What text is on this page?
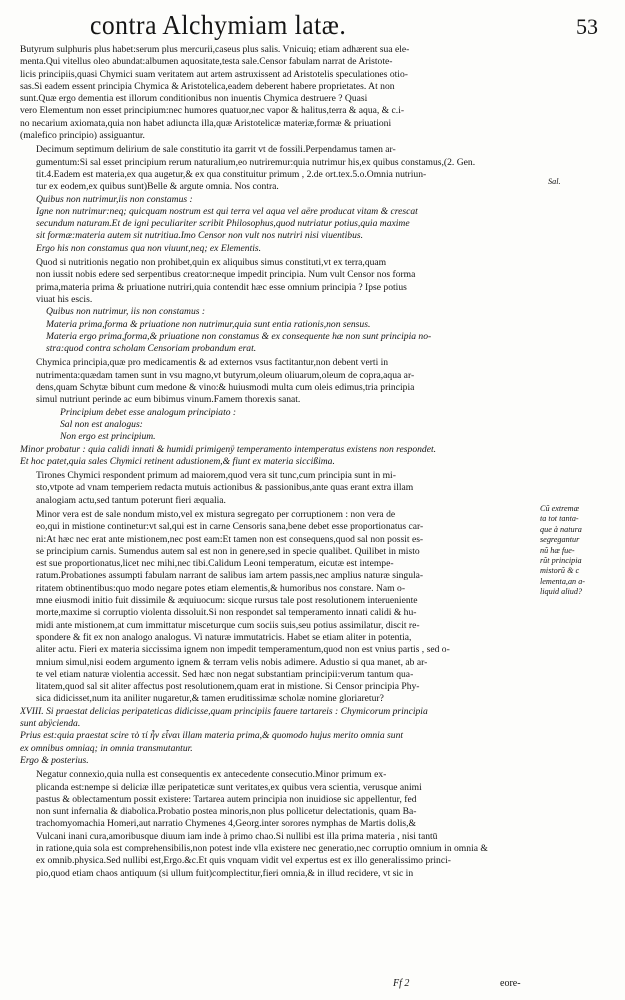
contra Alchymiam latæ.	53

Butyrum sulphuris plus habet:serum plus mercurii,caseus plus salis. Vnicuiq; etiam adhærent sua ele-
menta.Qui vitellus oleo abundat:albumen aquositate,testa sale.Censor fabulam narrat de Aristote-
licis principiis,quasi Chymici suam veritatem aut artem astruxissent ad Aristotelis speculationes otio-
sas.Si eadem essent principia Chymica & Aristotelica,eadem deberent habere proprietates. At non
sunt.Quæ ergo dementia est illorum conditionibus non inuentis Chymica destruere ? Quasi
vero Elementum non esset principium:nec humores quatuor,nec vapor & halitus,terra & aqua, & c.i-
no necarium axiomata,quia non habet adiuncta illa,quæ Aristotelicæ materiæ,formæ & priuationi
(malefico principio) assiguantur.

Decimum septimum delirium de sale constitutio ita garrit vt de fossili.Perpendamus tamen ar-
gumentum:Si sal esset principium rerum naturalium,eo nutriremur:quia nutrimur his,ex quibus constamus,(2. Gen.
tit.4.Eadem est materia,ex qua augetur,& ex qua constituitur primum , 2.de ort.tex.5.o.Omnia nutriun-
tur ex eodem,ex quibus sunt)Belle & argute omnia. Nos contra.

Quibus non nutrimur,iis non constamus :
Igne non nutrimur:neq; quicquam nostrum est qui terra vel aqua vel aëre producat vitam & crescat
secundum naturam.Et de igni peculiariter scribit Philosophus,quod nutriatur potius,quia maxime
sit formæ:materia autem sit nutritiua.Imo Censor non vult nos nutriri nisi viuentibus.
Ergo his non constamus qua non viuunt,neq; ex Elementis.

Quod si nutritionis negatio non prohibet,quin ex aliquibus simus constituti,vt ex terra,quam
non iussit nobis edere sed serpentibus creator:neque impedit principia. Num vult Censor nos forma
prima,materia prima & priuatione nutriri,quia contendit hæc esse omnium principia ? Ipse potius
viuat his escis.

Quibus non nutrimur, iis non constamus :
Materia prima,forma & priuatione non nutrimur,quia sunt entia rationis,non sensus.
Materia ergo prima,forma,& priuatione non constamus & ex consequente hæ non sunt principia no-
stra:quod contra scholam Censoriam probandum erat.

Chymica principia,quæ pro medicamentis & ad externos vsus factitantur,non debent verti in
nutrimenta:quædam tamen sunt in vsu magno,vt butyrum,oleum oliuarum,oleum de copra,aqua ar-
dens,quam Schytæ bibunt cum medone & vino:& huiusmodi multa cum oleis edimus,tria principia
simul nutriunt perinde ac eum bibimus vinum.Famem thorexis sanat.

Principium debet esse analogum principiato :
Sal non est analogus:
Non ergo est principium.

Minor probatur : quia calidi innati & humidi primigenÿ temperamento intemperatus existens non respondet.
Et hoc patet,quia sales Chymici retinent adustionem,& fiunt ex materia siccißima.

Tirones Chymici respondent primum ad maiorem,quod vera sit tunc,cum principia sunt in mi-
sto,vtpote ad vnam temperiem redacta mutuis actionibus & passionibus,ante quas erant extra illam
analogiam actu,sed tantum poterunt fieri æqualia.

Minor vera est de sale nondum misto,vel ex mistura segregato per corruptionem : non vera de
eo,qui in mistione continetur:vt sal,qui est in carne Censoris sana,bene debet esse proportionatus car-
ni:At hæc nec erat ante mistionem,nec post eam:Et tamen non est consequens,quod sal non possit es-
se principium carnis. Sumendus autem sal est non in genere,sed in specie qualibet. Quilibet in misto
est sue proportionatus,licet nec mihi,nec tibi.Calidum Leoni temperatum, eicutæ est intempe-
ratum.Probationes assumpti fabulam narrant de salibus iam artem passis,nec amplius naturæ singula-
ritatem obtinentibus:quo modo negare potes etiam elementis,& humoribus nos constare. Nam o-
mne eiusmodi initio fuit dissimile & æquiuocum: sicque rursus tale post resolutionem interueniente
morte,maxime si corruptio violenta dissoluit.Si non respondet sal temperamento innati calidi & hu-
midi ante mistionem,at cum immittatur misceturque cum sociis suis,seu potius assimilatur, discit re-
spondere & fit ex non analogo analogus. Vi naturæ immutatricis. Habet se etiam aliter in potentia,
aliter actu. Fieri ex materia siccissima ignem non impedit temperamentum,quod non est vnius partis , sed o-
mnium simul,nisi eodem argumento ignem & terram velis nobis adimere. Adustio si qua manet, ab ar-
te vel etiam naturæ violentia accessit. Sed hæc non negat substantiam principii:verum tantum qua-
litatem,quod sal sit aliter affectus post resolutionem,quam erat in mistione. Si Censor principia Phy-
sica didicisset,num ita aniliter nugaretur,& tamen eruditissimæ scholæ nomine gloriaretur?

XVIII. Si praestat delicias peripateticas didicisse,quam principiis fauere tartareis : Chymicorum principia
sunt abÿcienda.
Prius est:quia praestat scire τὸ τί ἦν εἶναι illam materia prima,& quomodo hujus merito omnia sunt
ex omnibus omniaq; in omnia transmutantur.
Ergo & posterius.

Negatur connexio,quia nulla est consequentis ex antecedente consecutio.Minor primum ex-
plicanda est:nempe si deliciæ illæ peripateticæ sunt veritates,ex quibus vera scientia, verusque animi
pastus & oblectamentum possit existere: Tartarea autem principia non inuidiose sic appellentur, fed
non sunt infernalia & diabolica.Probatio postea minoris,non plus pollicetur delectationis, quam Ba-
trachomyomachia Homeri,aut narratio Chymenes 4,Georg.inter sorores nymphas de Martis dolis,&
Vulcani inani cura,amoribusque diuum iam inde à primo chao.Si nullibi est illa prima materia , nisi tantū
in ratione,quia sola est comprehensibilis,non potest inde vlla existere nec generatio,nec corruptio omnium in omnia &
ex omnib.physica.Sed nullibi est,Ergo.&c.Et quis vnquam vidit vel expertus est ex illo generalissimo princi-
pio,quod etiam chaos antiquum (si ullum fuit)complectitur,fieri omnia,& in illud recidere, vt sic in

Sal.
Cũ extremæ
ta tot tanta-
que à natura
segregantur
nũ hæ fue-
rũt principia
mistorũ & c
lementa,an a-
liquid aliud?
Ff 2	eore-
